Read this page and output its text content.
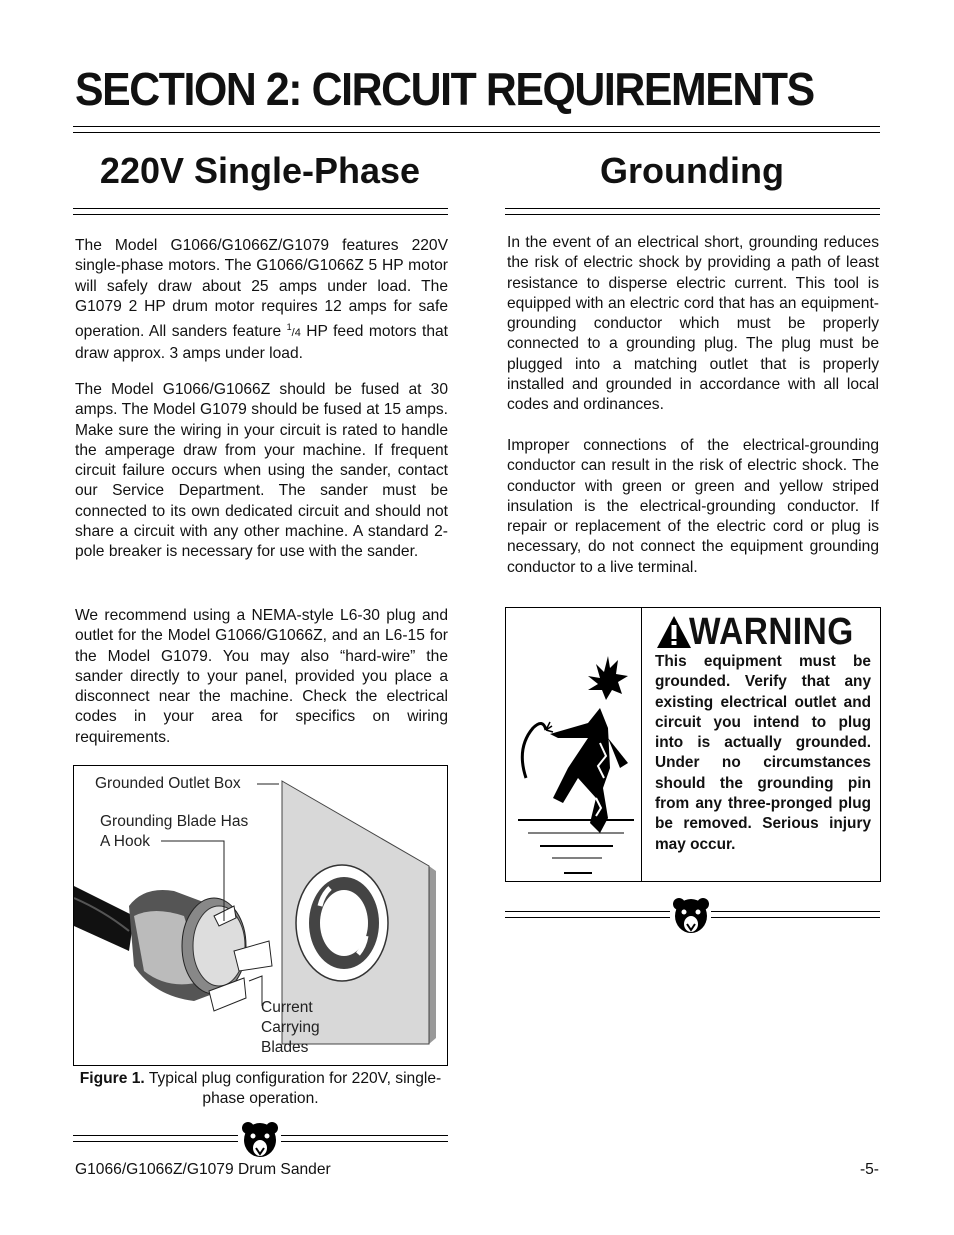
SECTION 2: CIRCUIT REQUIREMENTS
220V Single-Phase

The Model G1066/G1066Z/G1079 features 220V single-phase motors. The G1066/G1066Z 5 HP motor will safely draw about 25 amps under load. The G1079 2 HP drum motor requires 12 amps for safe operation. All sanders feature $^1$/4 HP feed motors that draw approx. 3 amps under load.

The Model G1066/G1066Z should be fused at 30 amps. The Model G1079 should be fused at 15 amps. Make sure the wiring in your circuit is rated to handle the amperage draw from your machine. If frequent circuit failure occurs when using the sander, contact our Service Department. The sander must be connected to its own dedicated circuit and should not share a circuit with any other machine. A standard 2-pole breaker is necessary for use with the sander.

We recommend using a NEMA-style L6-30 plug and outlet for the Model G1066/G1066Z, and an L6-15 for the Model G1079. You may also “hard-wire” the sander directly to your panel, provided you place a disconnect near the machine. Check the electrical codes in your area for specifics on wiring requirements.

Grounded Outlet Box
Grounding Blade Has
A Hook
Current
Carrying
Blades
Figure 1. Typical plug configuration for 220V, single-phase operation.
Grounding

In the event of an electrical short, grounding reduces the risk of electric shock by providing a path of least resistance to disperse electric current. This tool is equipped with an electric cord that has an equipment-grounding conductor which must be properly connected to a grounding plug. The plug must be plugged into a matching outlet that is properly installed and grounded in accordance with all local codes and ordinances.

Improper connections of the electrical-grounding conductor can result in the risk of electric shock. The conductor with green or green and yellow striped insulation is the electrical-grounding conductor. If repair or replacement of the electric cord or plug is necessary, do not connect the equipment grounding conductor to a live terminal.

WARNING
This equipment must be grounded. Verify that any existing electrical outlet and circuit you intend to plug into is actually grounded. Under no circumstances should the grounding pin from any three-pronged plug be removed. Serious injury may occur.
G1066/G1066Z/G1079 Drum Sander	-5-
